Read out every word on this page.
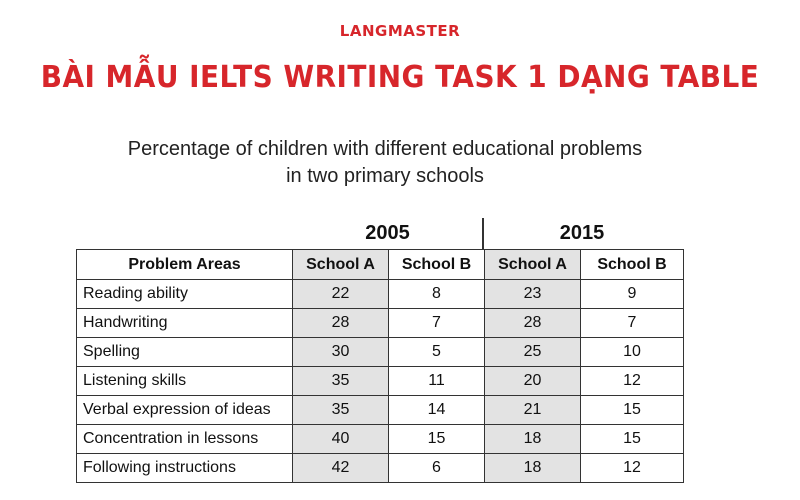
LANGMASTER
BÀI MẪU IELTS WRITING TASK 1 DẠNG TABLE
Percentage of children with different educational problems
in two primary schools
2005	2015
Problem Areas	School A	School B	School A	School B
Reading ability	22	8	23	9
Handwriting	28	7	28	7
Spelling	30	5	25	10
Listening skills	35	11	20	12
Verbal expression of ideas	35	14	21	15
Concentration in lessons	40	15	18	15
Following instructions	42	6	18	12
